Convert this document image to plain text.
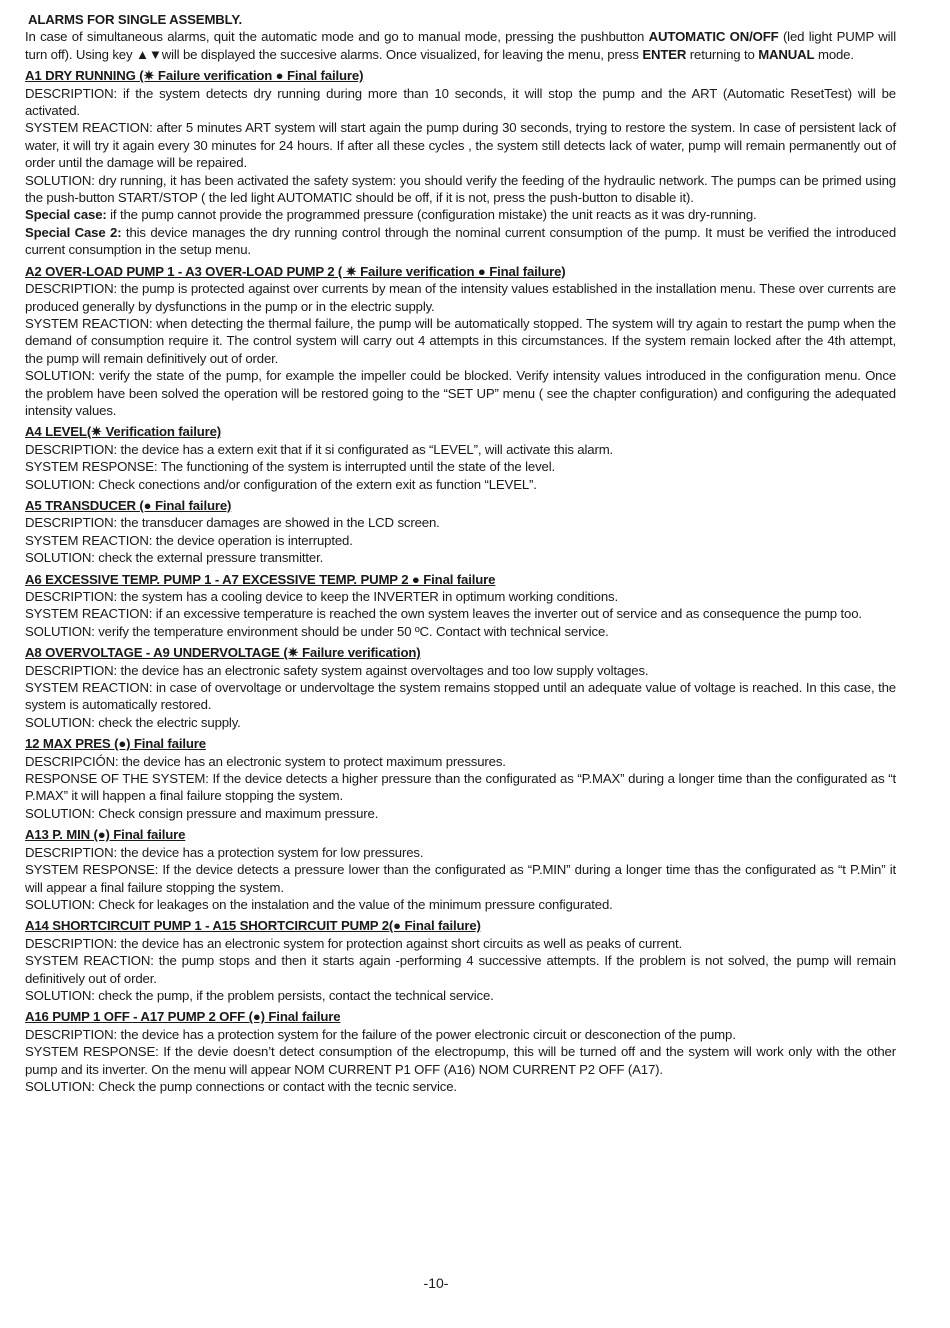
ALARMS FOR SINGLE ASSEMBLY.

In case of simultaneous alarms, quit the automatic mode and go to manual mode, pressing the pushbutton AUTOMATIC ON/OFF (led light PUMP will turn off). Using key ▲▼will be displayed the succesive alarms. Once visualized, for leaving the menu, press ENTER returning to MANUAL mode.

A1 DRY RUNNING (✷ Failure verification ● Final failure)

DESCRIPTION: if the system detects dry running during more than 10 seconds, it will stop the pump and the ART (Automatic ResetTest) will be activated.

SYSTEM REACTION: after 5 minutes ART system will start again the pump during 30 seconds, trying to restore the system. In case of persistent lack of water, it will try it again every 30 minutes for 24 hours. If after all these cycles , the system still detects lack of water, pump will remain permanently out of order until the damage will be repaired.

SOLUTION: dry running, it has been activated the safety system: you should verify the feeding of the hydraulic network. The pumps can be primed using the push-button START/STOP ( the led light AUTOMATIC should be off, if it is not, press the push-button to disable it).

Special case: if the pump cannot provide the programmed pressure (configuration mistake) the unit reacts as it was dry-running.

Special Case 2: this device manages the dry running control through the nominal current consumption of the pump. It must be verified the introduced current consumption in the setup menu.

A2 OVER-LOAD PUMP 1 - A3 OVER-LOAD PUMP 2 ( ✷ Failure verification ● Final failure)

DESCRIPTION: the pump is protected against over currents by mean of the intensity values established in the installation menu. These over currents are produced generally by dysfunctions in the pump or in the electric supply.

SYSTEM REACTION: when detecting the thermal failure, the pump will be automatically stopped. The system will try again to restart the pump when the demand of consumption require it. The control system will carry out 4 attempts in this circumstances. If the system remain locked after the 4th attempt, the pump will remain definitively out of order.

SOLUTION: verify the state of the pump, for example the impeller could be blocked. Verify intensity values introduced in the configuration menu. Once the problem have been solved the operation will be restored going to the “SET UP” menu ( see the chapter configuration) and configuring the adequated intensity values.

A4 LEVEL(✷ Verification failure)

DESCRIPTION: the device has a extern exit that if it si configurated as “LEVEL”, will activate this alarm.

SYSTEM RESPONSE: The functioning of the system is interrupted until the state of the level.

SOLUTION: Check conections and/or configuration of the extern exit as function “LEVEL”.

A5 TRANSDUCER (● Final failure)

DESCRIPTION: the transducer damages are showed in the LCD screen.

SYSTEM REACTION: the device operation is interrupted.

SOLUTION: check the external pressure transmitter.

A6 EXCESSIVE TEMP. PUMP 1 - A7 EXCESSIVE TEMP. PUMP 2 ● Final failure

DESCRIPTION: the system has a cooling device to keep the INVERTER in optimum working conditions.

SYSTEM REACTION: if an excessive temperature is reached the own system leaves the inverter out of service and as consequence the pump too.

SOLUTION: verify the temperature environment should be under 50 ºC. Contact with technical service.

A8 OVERVOLTAGE - A9 UNDERVOLTAGE (✷ Failure verification)

DESCRIPTION: the device has an electronic safety system against overvoltages and too low supply voltages.

SYSTEM REACTION: in case of overvoltage or undervoltage the system remains stopped until an adequate value of voltage is reached. In this case, the system is automatically restored.

SOLUTION: check the electric supply.

12 MAX PRES (●) Final failure

DESCRIPCIÓN: the device has an electronic system to protect maximum pressures.

RESPONSE OF THE SYSTEM: If the device detects a higher pressure than the configurated as “P.MAX” during a longer time than the configurated as “t P.MAX” it will happen a final failure stopping the system.

SOLUTION: Check consign pressure and maximum pressure.

A13 P. MIN (●) Final failure

DESCRIPTION: the device has a protection system for low pressures.

SYSTEM RESPONSE: If the device detects a pressure lower than the configurated as “P.MIN” during a longer time thas the configurated as “t P.Min” it will appear a final failure stopping the system.

SOLUTION: Check for leakages on the instalation and the value of the minimum pressure configurated.

A14 SHORTCIRCUIT PUMP 1 - A15 SHORTCIRCUIT PUMP 2(● Final failure)

DESCRIPTION: the device has an electronic system for protection against short circuits as well as peaks of current.

SYSTEM REACTION: the pump stops and then it starts again -performing 4 successive attempts. If the problem is not solved, the pump will remain definitively out of order.

SOLUTION: check the pump, if the problem persists, contact the technical service.

A16 PUMP 1 OFF - A17 PUMP 2 OFF (●) Final failure

DESCRIPTION: the device has a protection system for the failure of the power electronic circuit or desconection of the pump.

SYSTEM RESPONSE: If the devie doesn’t detect consumption of the electropump, this will be turned off and the system will work only with the other pump and its inverter. On the menu will appear NOM CURRENT P1 OFF (A16) NOM CURRENT P2 OFF (A17).

SOLUTION: Check the pump connections or contact with the tecnic service.

-10-
